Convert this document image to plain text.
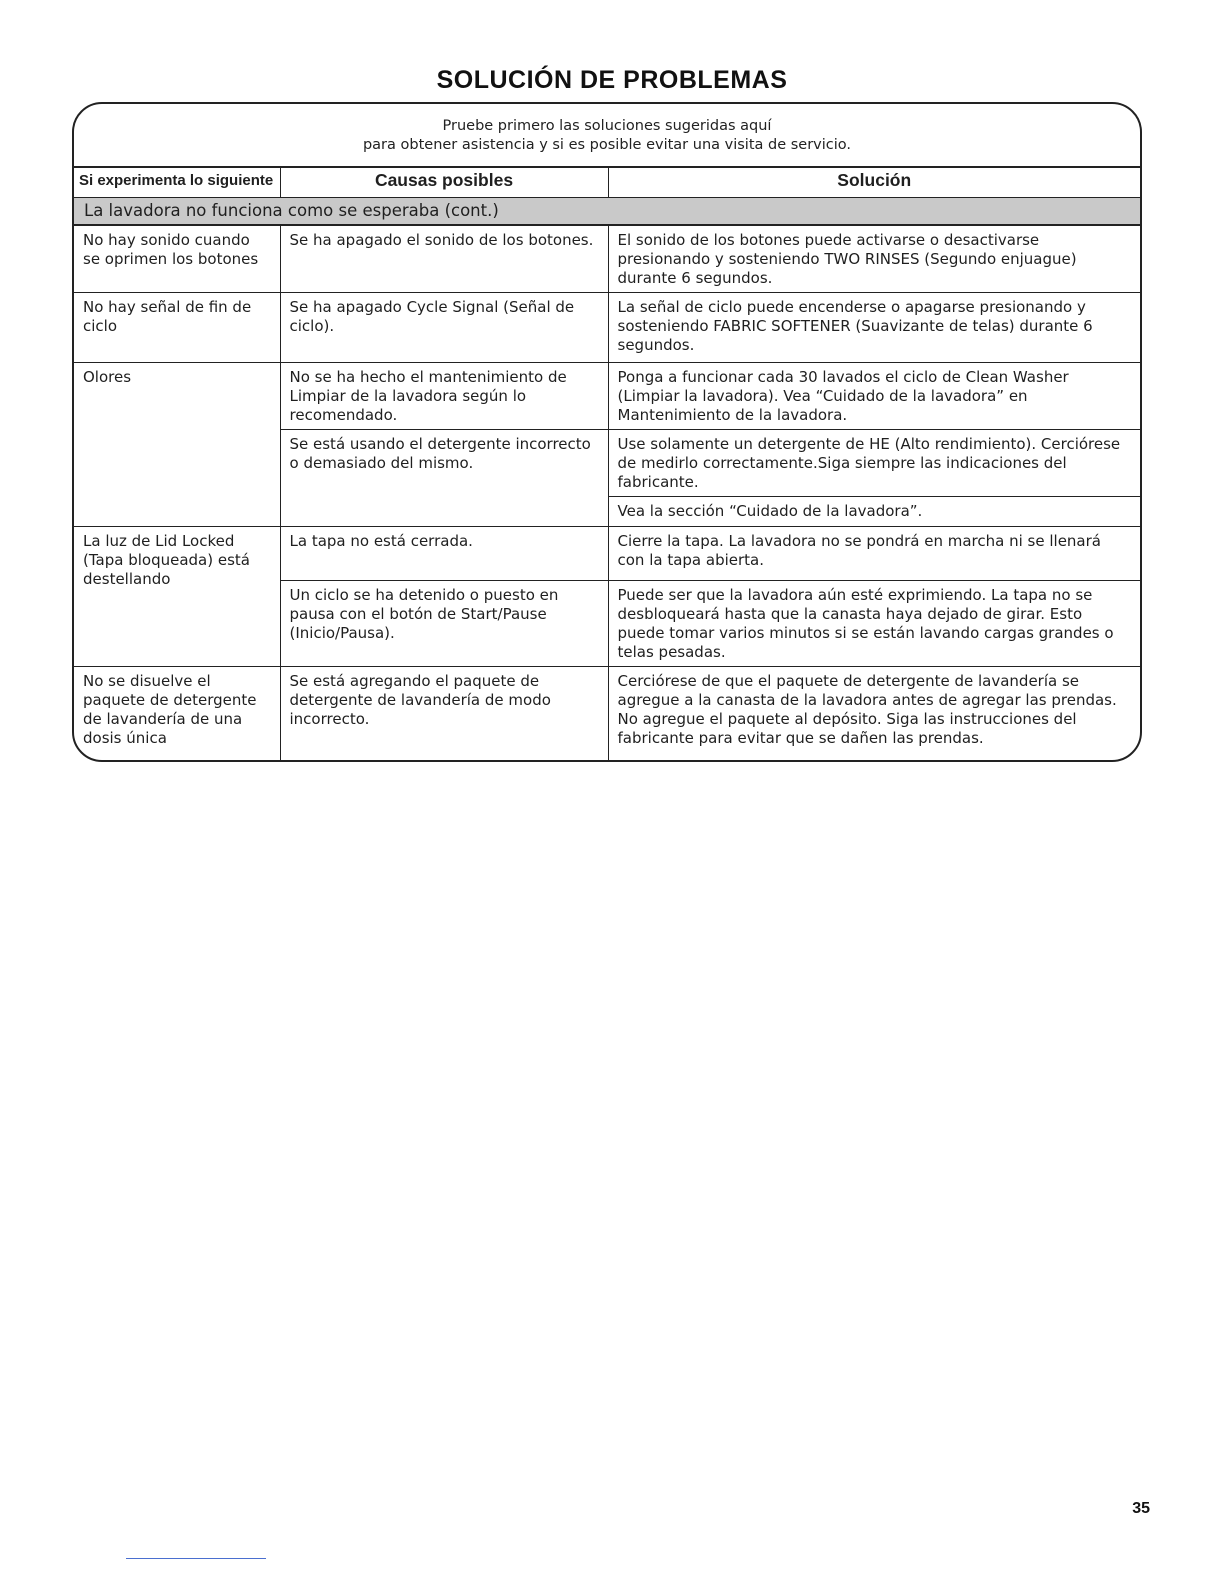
SOLUCIÓN DE PROBLEMAS
Pruebe primero las soluciones sugeridas aquí
para obtener asistencia y si es posible evitar una visita de servicio.
Si experimenta lo siguiente	Causas posibles	Solución
La lavadora no funciona como se esperaba (cont.)		
No hay sonido cuando se oprimen los botones	Se ha apagado el sonido de los botones.	El sonido de los botones puede activarse o desactivarse presionando y sosteniendo TWO RINSES (Segundo enjuague) durante 6 segundos.
No hay señal de fin de ciclo	Se ha apagado Cycle Signal (Señal de ciclo).	La señal de ciclo puede encenderse o apagarse presionando y sosteniendo FABRIC SOFTENER (Suavizante de telas) durante 6 segundos.
Olores	No se ha hecho el mantenimiento de Limpiar de la lavadora según lo recomendado.	Ponga a funcionar cada 30 lavados el ciclo de Clean Washer (Limpiar la lavadora). Vea “Cuidado de la lavadora” en Mantenimiento de la lavadora.
	Se está usando el detergente incorrecto o demasiado del mismo.	Use solamente un detergente de HE (Alto rendimiento). Cerciórese de medirlo correctamente.Siga siempre las indicaciones del fabricante.
		Vea la sección “Cuidado de la lavadora”.
La luz de Lid Locked (Tapa bloqueada) está destellando	La tapa no está cerrada.	Cierre la tapa. La lavadora no se pondrá en marcha ni se llenará con la tapa abierta.
	Un ciclo se ha detenido o puesto en pausa con el botón de Start/Pause (Inicio/Pausa).	Puede ser que la lavadora aún esté exprimiendo. La tapa no se desbloqueará hasta que la canasta haya dejado de girar. Esto puede tomar varios minutos si se están lavando cargas grandes o telas pesadas.
No se disuelve el paquete de detergente de lavandería de una dosis única	Se está agregando el paquete de detergente de lavandería de modo incorrecto.	Cerciórese de que el paquete de detergente de lavandería se agregue a la canasta de la lavadora antes de agregar las prendas. No agregue el paquete al depósito. Siga las instrucciones del fabricante para evitar que se dañen las prendas.
35
